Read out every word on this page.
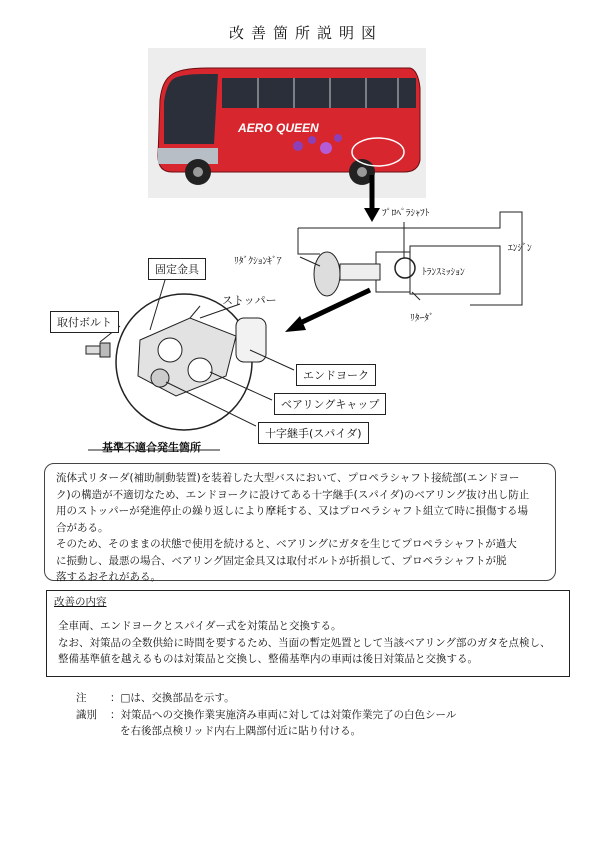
改善箇所説明図
AERO QUEEN
ﾌﾟﾛﾍﾟﾗｼｬﾌﾄ
ﾘﾀﾞｸｼｮﾝｷﾞｱ
ﾄﾗﾝｽﾐｯｼｮﾝ
ｴﾝｼﾞﾝ
ﾘﾀｰﾀﾞ
固定金具
ストッパー
取付ボルト
エンドヨーク
ベアリングキャップ
十字継手(スパイダ)
基準不適合発生箇所
流体式リターダ(補助制動装置)を装着した大型バスにおいて、プロペラシャフト接続部(エンドヨー
ク)の構造が不適切なため、エンドヨークに設けてある十字継手(スパイダ)のベアリング抜け出し防止
用のストッパーが発進停止の繰り返しにより摩耗する、又はプロペラシャフト組立て時に損傷する場
合がある。
そのため、そのままの状態で使用を続けると、ベアリングにガタを生じてプロペラシャフトが過大
に振動し、最悪の場合、ベアリング固定金具又は取付ボルトが折損して、プロペラシャフトが脱
落するおそれがある。
改善の内容
全車両、エンドヨークとスパイダー式を対策品と交換する。
なお、対策品の全数供給に時間を要するため、当面の暫定処置として当該ベアリング部のガタを点検し、
整備基準値を越えるものは対策品と交換し、整備基準内の車両は後日対策品と交換する。
注 ：□は、交換部品を示す。
識別 ：対策品への交換作業実施済み車両に対しては対策作業完了の白色シール
を右後部点検リッド内右上隅部付近に貼り付ける。
